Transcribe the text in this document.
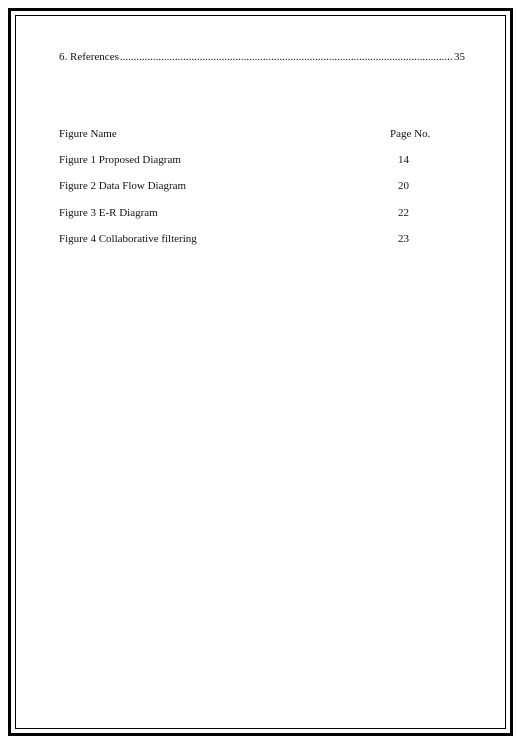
6. References .....	35
Figure Name	Page No.
Figure 1 Proposed Diagram	14
Figure 2 Data Flow Diagram	20
Figure 3 E-R Diagram	22
Figure 4 Collaborative filtering	23
